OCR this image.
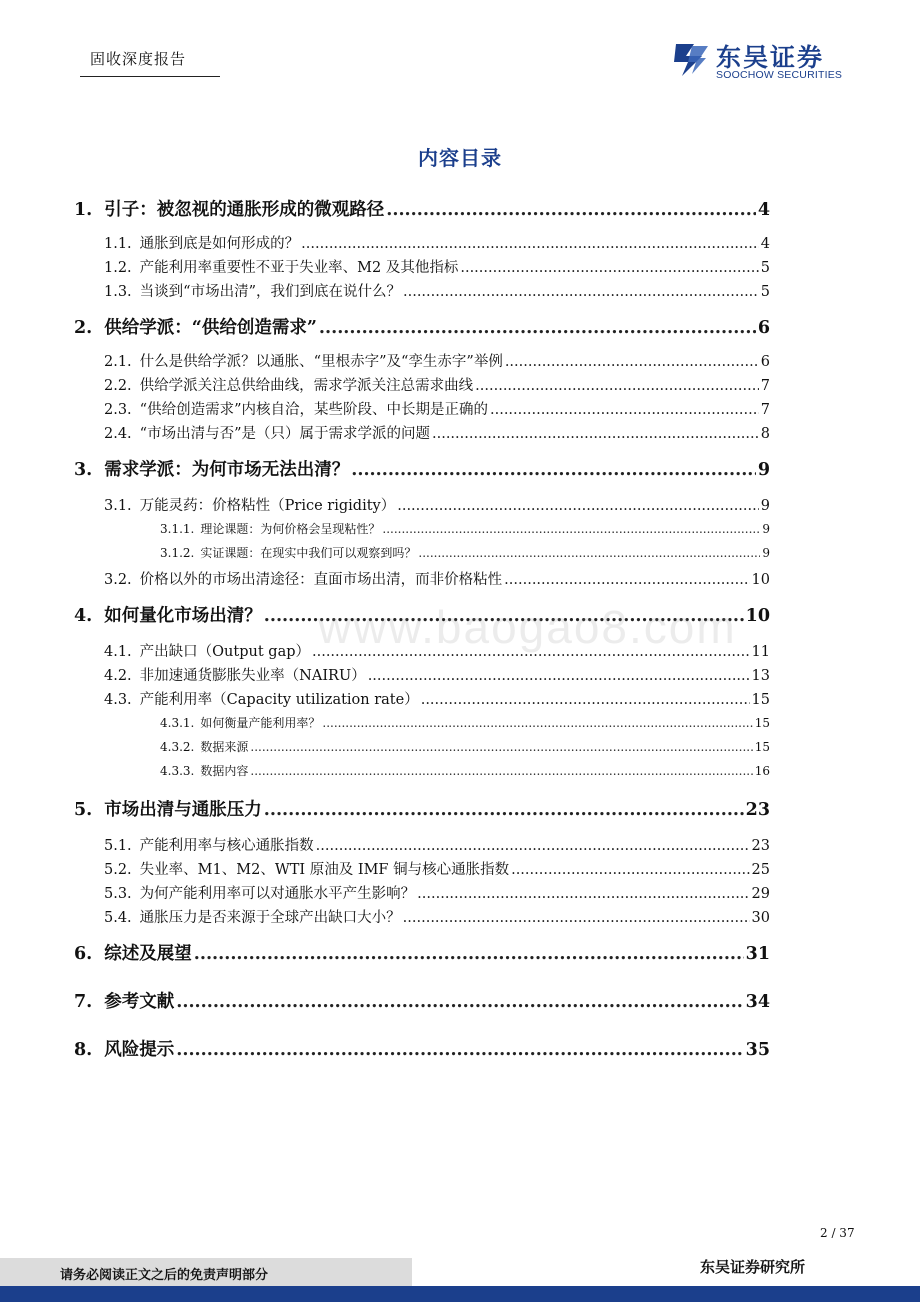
固收深度报告	东吴证券
SOOCHOW SECURITIES
内容目录
1. 引子：被忽视的通胀形成的微观路径 .....	4
1.1. 通胀到底是如何形成的？ .....	4
1.2. 产能利用率重要性不亚于失业率、M2 及其他指标 .....	5
1.3. 当谈到“市场出清”，我们到底在说什么？ .....	5
2. 供给学派：“供给创造需求” .....	6
2.1. 什么是供给学派？以通胀、“里根赤字”及“孪生赤字”举例 .....	6
2.2. 供给学派关注总供给曲线，需求学派关注总需求曲线 .....	7
2.3. “供给创造需求”内核自洽，某些阶段、中长期是正确的 .....	7
2.4. “市场出清与否”是（只）属于需求学派的问题 .....	8
3. 需求学派：为何市场无法出清？ .....	9
3.1. 万能灵药：价格粘性（Price rigidity） .....	9
3.1.1. 理论课题：为何价格会呈现粘性？ .....	9
3.1.2. 实证课题：在现实中我们可以观察到吗？ .....	9
3.2. 价格以外的市场出清途径：直面市场出清，而非价格粘性 .....	10
4. 如何量化市场出清？ .....	10
4.1. 产出缺口（Output gap） .....	11
4.2. 非加速通货膨胀失业率（NAIRU） .....	13
4.3. 产能利用率（Capacity utilization rate） .....	15
4.3.1. 如何衡量产能利用率？ .....	15
4.3.2. 数据来源 .....	15
4.3.3. 数据内容 .....	16
5. 市场出清与通胀压力 .....	23
5.1. 产能利用率与核心通胀指数 .....	23
5.2. 失业率、M1、M2、WTI 原油及 IMF 铜与核心通胀指数 .....	25
5.3. 为何产能利用率可以对通胀水平产生影响？ .....	29
5.4. 通胀压力是否来源于全球产出缺口大小？ .....	30
6. 综述及展望 .....	31
7. 参考文献 .....	34
8. 风险提示 .....	35
www.baogao8.com
2 / 37
请务必阅读正文之后的免责声明部分	东吴证券研究所
